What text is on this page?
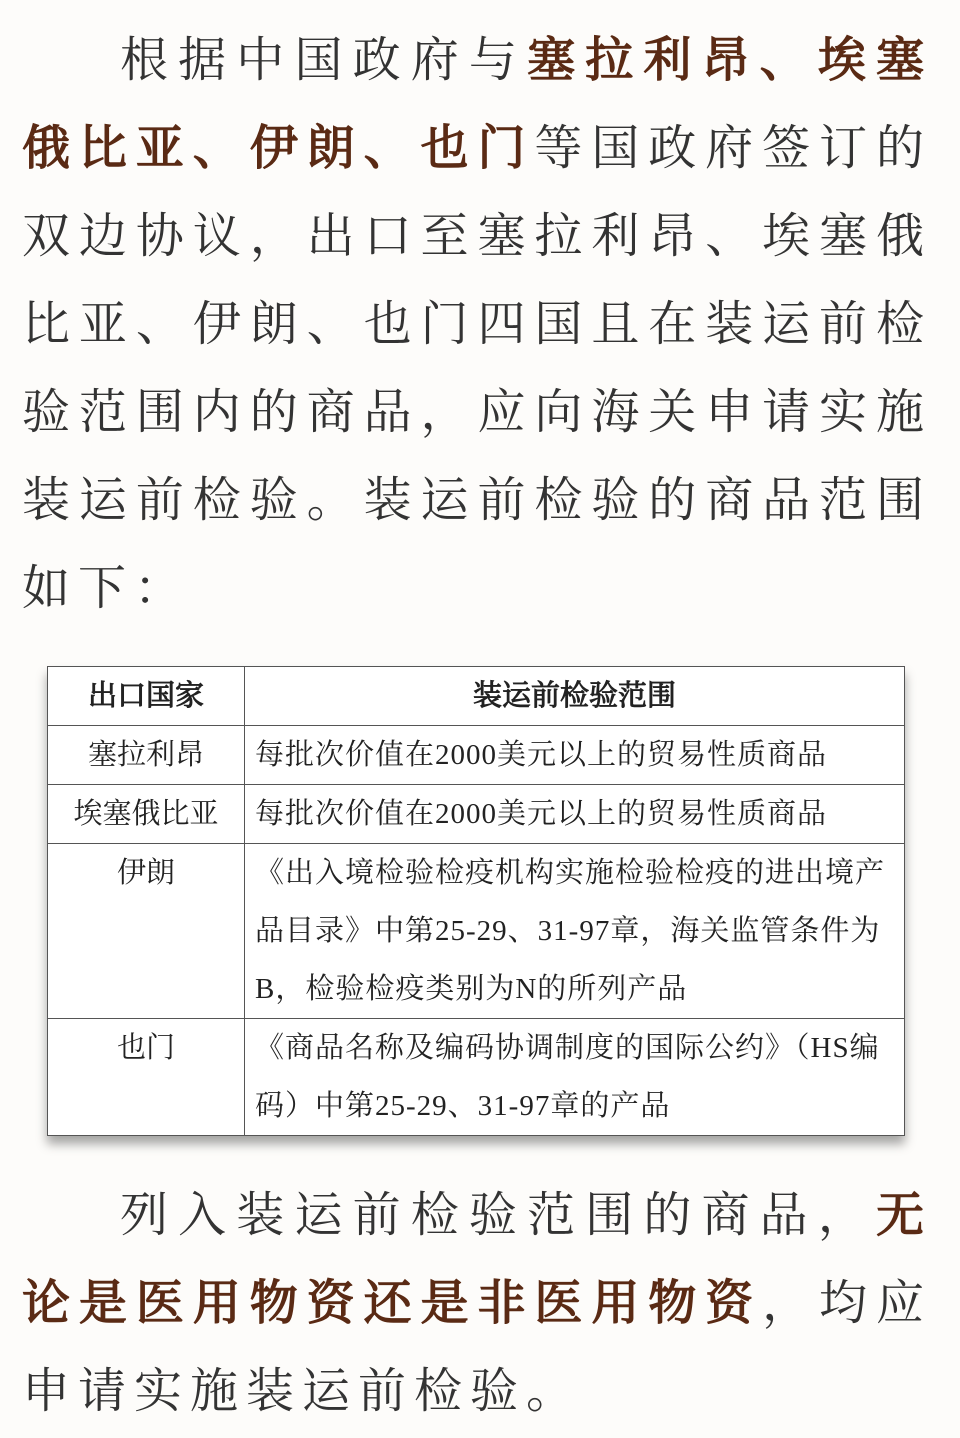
根据中国政府与塞拉利昂、埃塞俄比亚、伊朗、也门等国政府签订的双边协议，出口至塞拉利昂、埃塞俄比亚、伊朗、也门四国且在装运前检验范围内的商品，应向海关申请实施装运前检验。装运前检验的商品范围如下：
出口国家	装运前检验范围
塞拉利昂	每批次价值在2000美元以上的贸易性质商品
埃塞俄比亚	每批次价值在2000美元以上的贸易性质商品
伊朗	《出入境检验检疫机构实施检验检疫的进出境产品目录》中第25-29、31-97章，海关监管条件为B，检验检疫类别为N的所列产品
也门	《商品名称及编码协调制度的国际公约》（HS编码）中第25-29、31-97章的产品
列入装运前检验范围的商品，无论是医用物资还是非医用物资，均应申请实施装运前检验。
